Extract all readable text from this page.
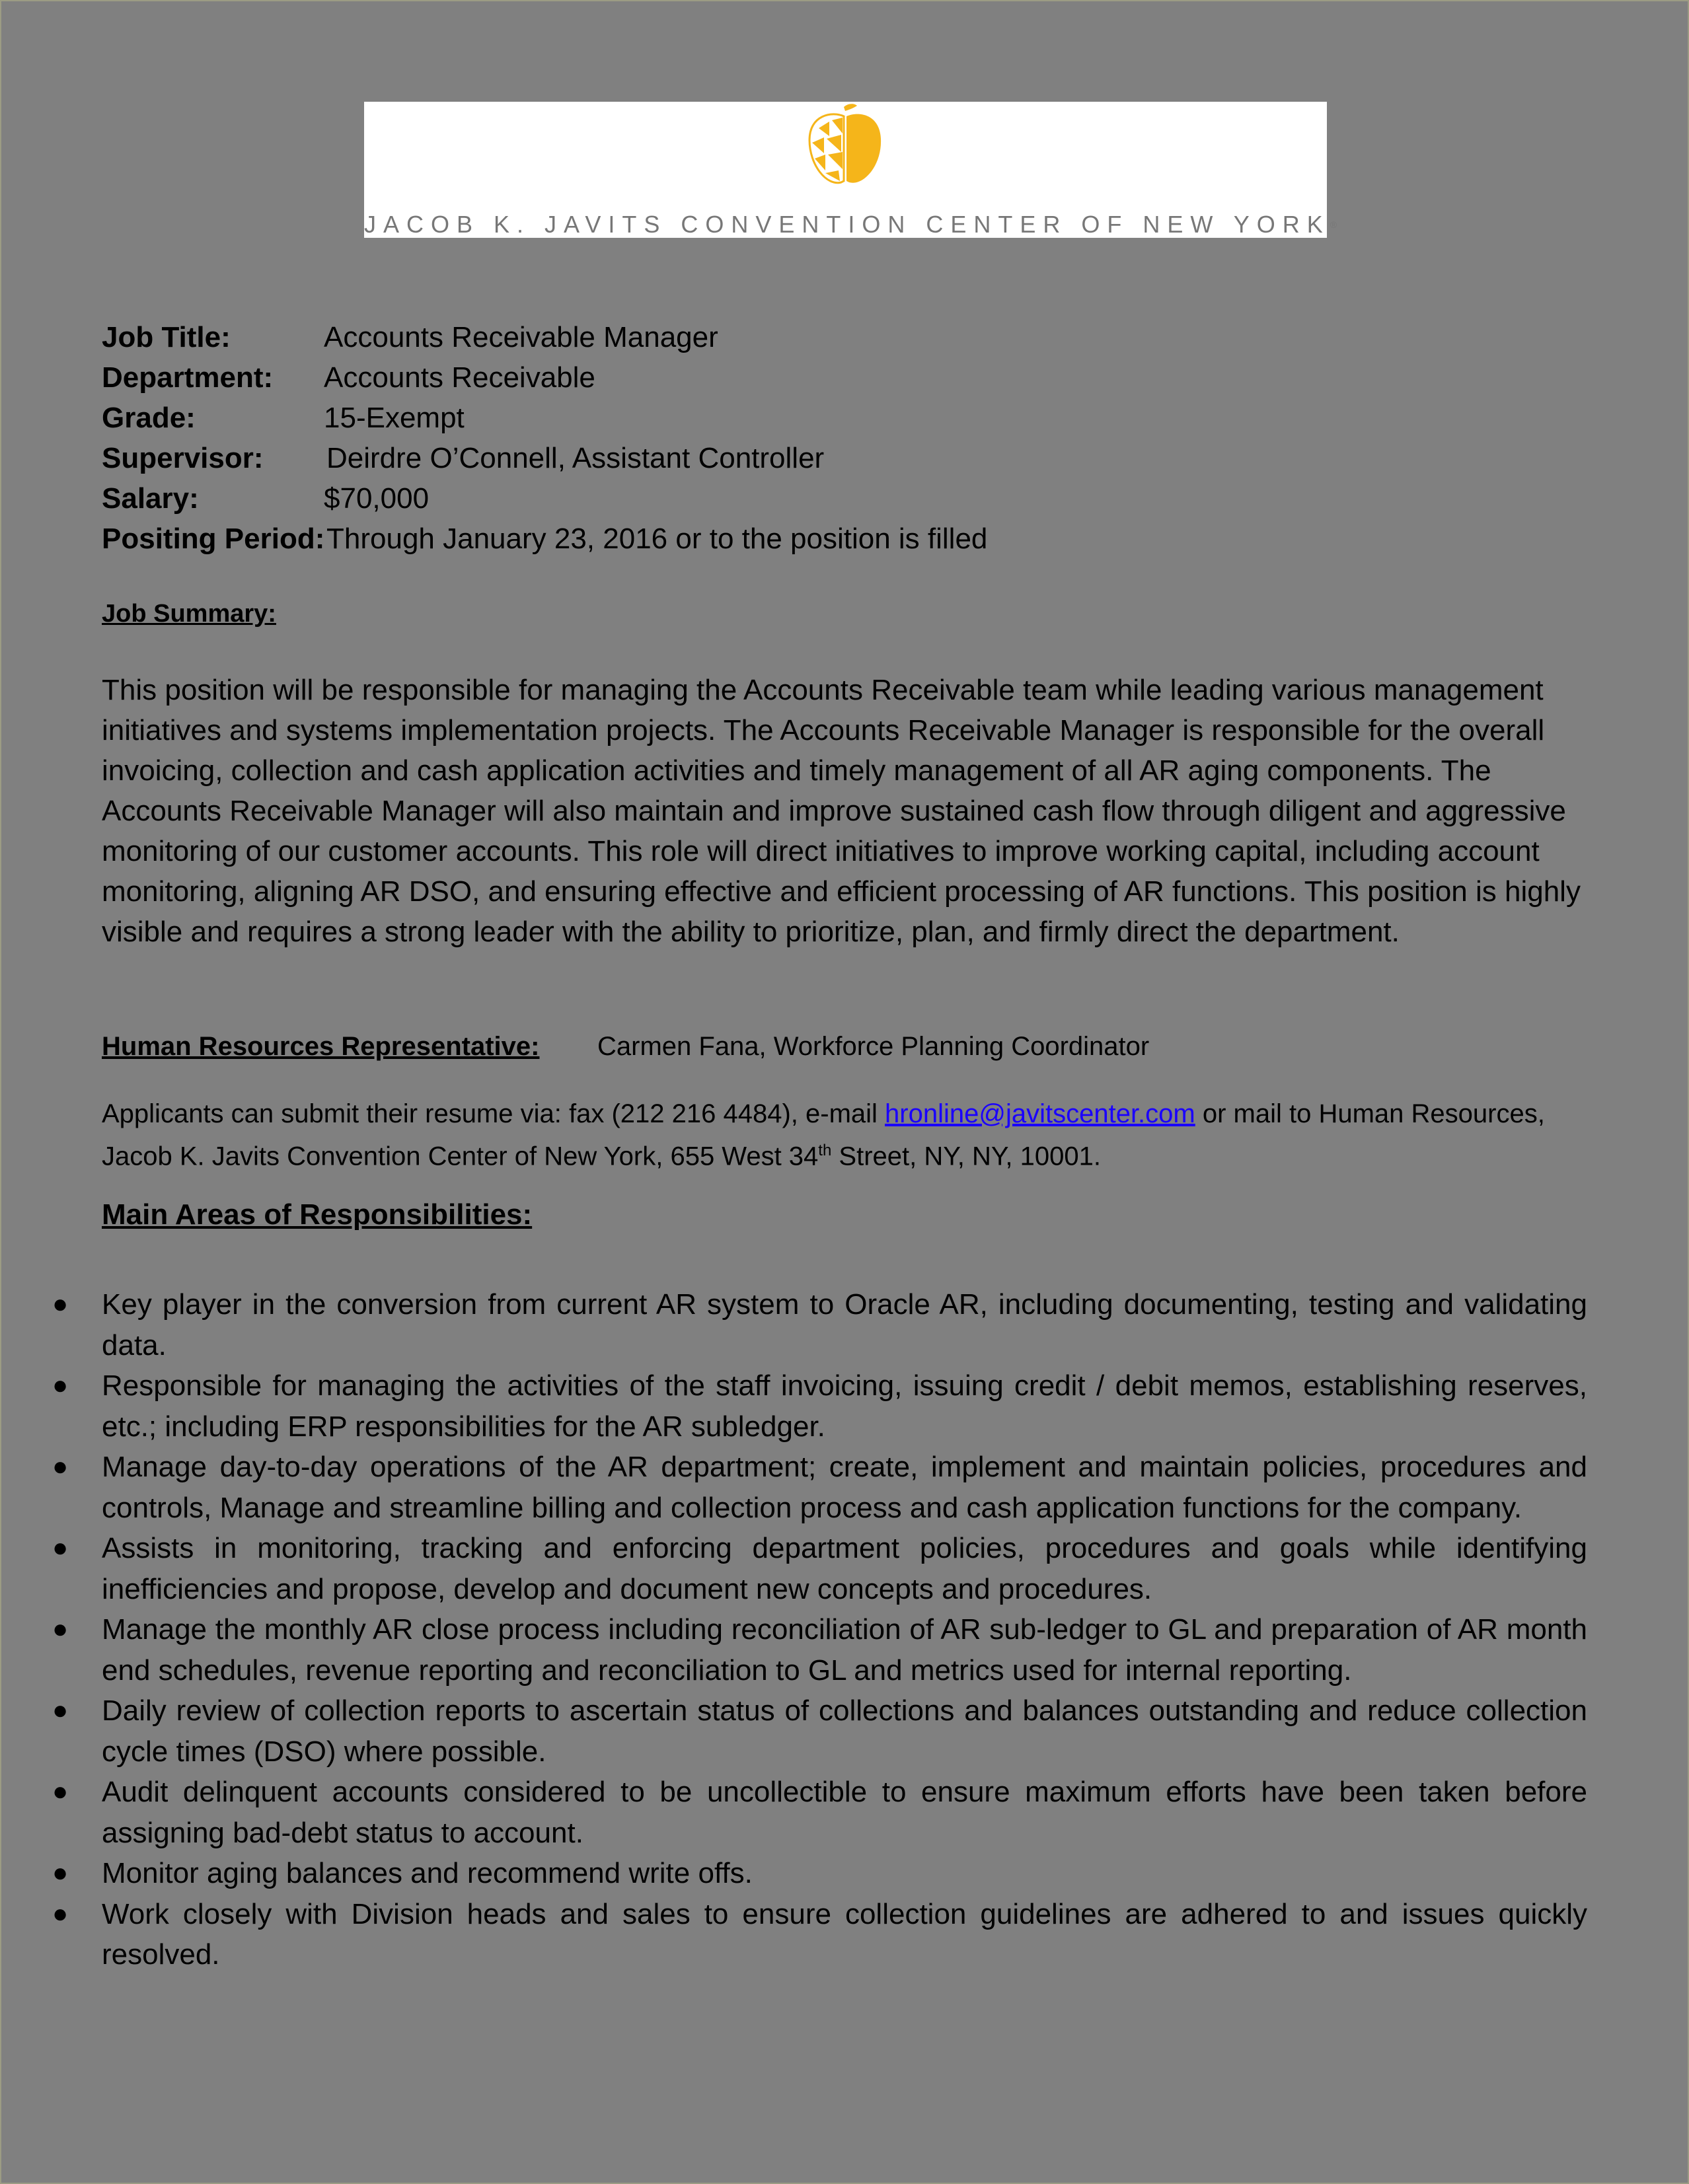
JACOB K. JAVITS CONVENTION CENTER OF NEW YORK®
Job Title:	Accounts Receivable Manager
Department: Accounts Receivable
Grade:	15-Exempt
Supervisor: Deirdre O’Connell, Assistant Controller
Salary:	$70,000
Positing Period: Through January 23, 2016 or to the position is filled
Job Summary:
This position will be responsible for managing the Accounts Receivable team while leading various management initiatives and systems implementation projects. The Accounts Receivable Manager is responsible for the overall invoicing, collection and cash application activities and timely management of all AR aging components. The Accounts Receivable Manager will also maintain and improve sustained cash flow through diligent and aggressive monitoring of our customer accounts. This role will direct initiatives to improve working capital, including account monitoring, aligning AR DSO, and ensuring effective and efficient processing of AR functions. This position is highly visible and requires a strong leader with the ability to prioritize, plan, and firmly direct the department.
Human Resources Representative: Carmen Fana, Workforce Planning Coordinator
Applicants can submit their resume via: fax (212 216 4484), e-mail hronline@javitscenter.com or mail to Human Resources, Jacob K. Javits Convention Center of New York, 655 West 34th Street, NY, NY, 10001.
Main Areas of Responsibilities:
● Key player in the conversion from current AR system to Oracle AR, including documenting, testing and validating data.
● Responsible for managing the activities of the staff invoicing, issuing credit / debit memos, establishing reserves, etc.; including ERP responsibilities for the AR subledger.
● Manage day-to-day operations of the AR department; create, implement and maintain policies, procedures and controls, Manage and streamline billing and collection process and cash application functions for the company.
● Assists in monitoring, tracking and enforcing department policies, procedures and goals while identifying inefficiencies and propose, develop and document new concepts and procedures.
● Manage the monthly AR close process including reconciliation of AR sub-ledger to GL and preparation of AR month end schedules, revenue reporting and reconciliation to GL and metrics used for internal reporting.
● Daily review of collection reports to ascertain status of collections and balances outstanding and reduce collection cycle times (DSO) where possible.
● Audit delinquent accounts considered to be uncollectible to ensure maximum efforts have been taken before assigning bad-debt status to account.
● Monitor aging balances and recommend write offs.
● Work closely with Division heads and sales to ensure collection guidelines are adhered to and issues quickly resolved.
